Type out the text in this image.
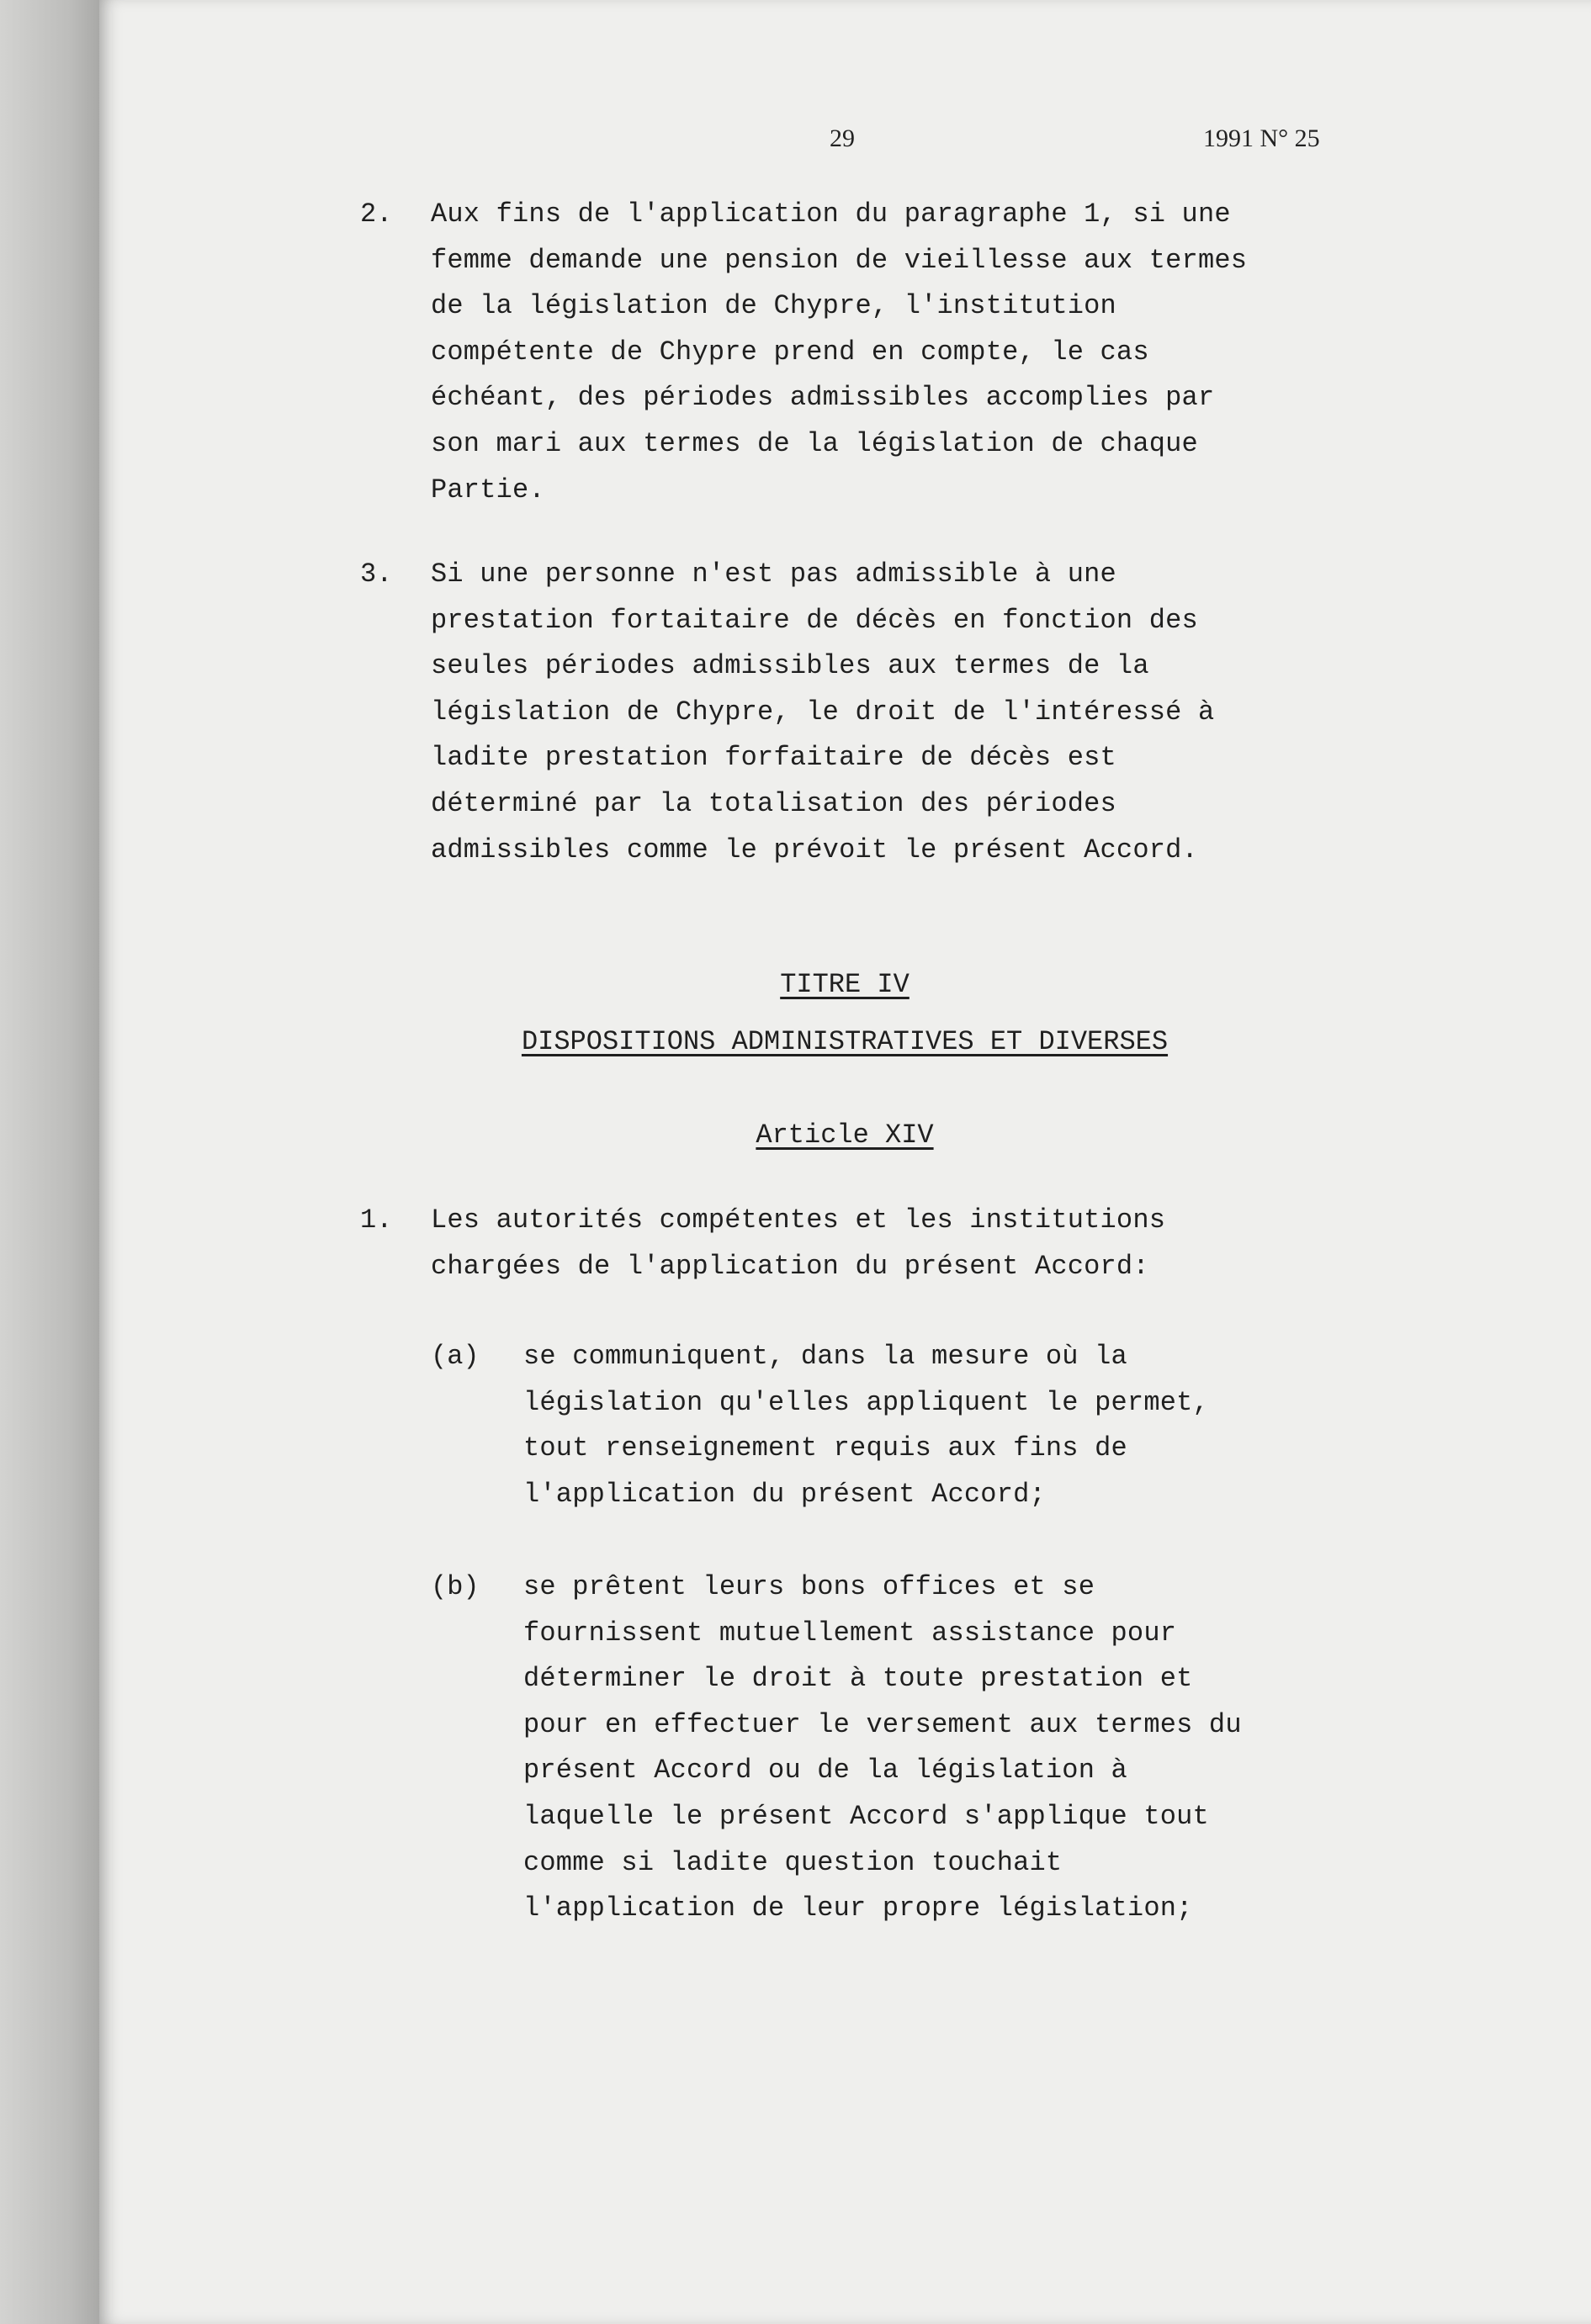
29	1991 N° 25
2. Aux fins de l'application du paragraphe 1, si une
femme demande une pension de vieillesse aux termes
de la législation de Chypre, l'institution
compétente de Chypre prend en compte, le cas
échéant, des périodes admissibles accomplies par
son mari aux termes de la législation de chaque
Partie.
3. Si une personne n'est pas admissible à une
prestation fortaitaire de décès en fonction des
seules périodes admissibles aux termes de la
législation de Chypre, le droit de l'intéressé à
ladite prestation forfaitaire de décès est
déterminé par la totalisation des périodes
admissibles comme le prévoit le présent Accord.
TITRE IV
DISPOSITIONS ADMINISTRATIVES ET DIVERSES
Article XIV
1. Les autorités compétentes et les institutions
chargées de l'application du présent Accord:
(a) se communiquent, dans la mesure où la
législation qu'elles appliquent le permet,
tout renseignement requis aux fins de
l'application du présent Accord;
(b) se prêtent leurs bons offices et se
fournissent mutuellement assistance pour
déterminer le droit à toute prestation et
pour en effectuer le versement aux termes du
présent Accord ou de la législation à
laquelle le présent Accord s'applique tout
comme si ladite question touchait
l'application de leur propre législation;
